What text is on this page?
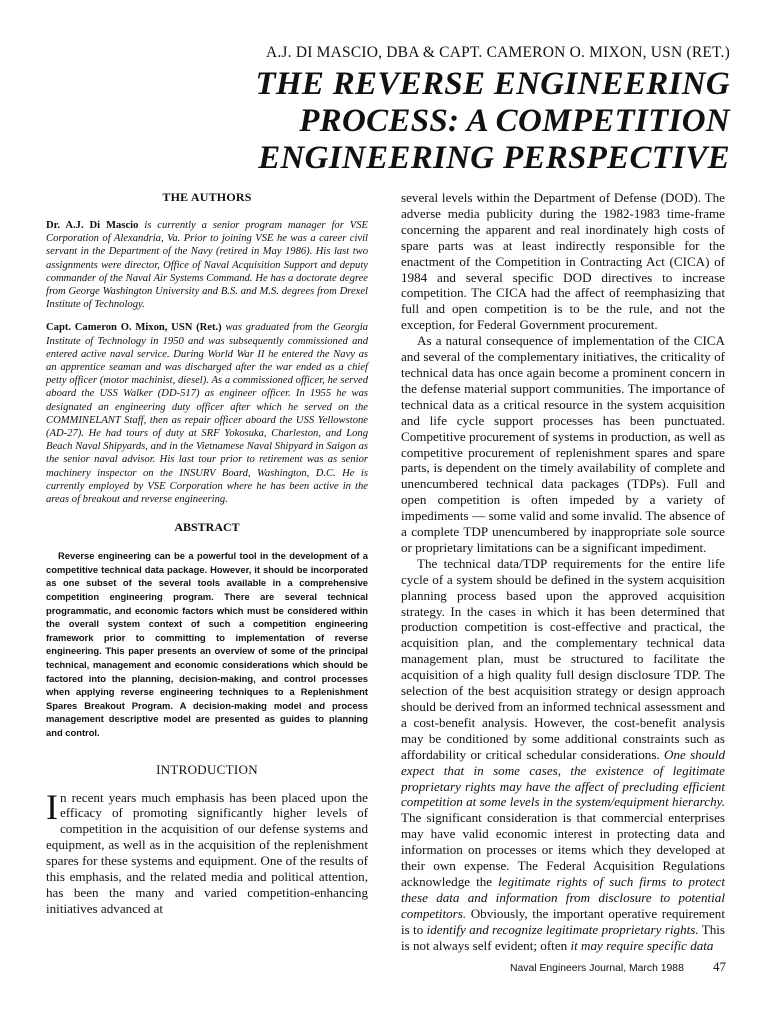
A.J. DI MASCIO, DBA & CAPT. CAMERON O. MIXON, USN (RET.)
THE REVERSE ENGINEERING
PROCESS: A COMPETITION
ENGINEERING PERSPECTIVE
THE AUTHORS

Dr. A.J. Di Mascio is currently a senior program manager for VSE Corporation of Alexandria, Va. Prior to joining VSE he was a career civil servant in the Department of the Navy (retired in May 1986). His last two assignments were director, Office of Naval Acquisition Support and deputy commander of the Naval Air Systems Command. He has a doctorate degree from George Washington University and B.S. and M.S. degrees from Drexel Institute of Technology.

Capt. Cameron O. Mixon, USN (Ret.) was graduated from the Georgia Institute of Technology in 1950 and was subsequently commissioned and entered active naval service. During World War II he entered the Navy as an apprentice seaman and was discharged after the war ended as a chief petty officer (motor machinist, diesel). As a commissioned officer, he served aboard the USS Walker (DD-517) as engineer officer. In 1955 he was designated an engineering duty officer after which he served on the COMMINELANT Staff, then as repair officer aboard the USS Yellowstone (AD-27). He had tours of duty at SRF Yokosuka, Charleston, and Long Beach Naval Shipyards, and in the Vietnamese Naval Shipyard in Saigon as the senior naval advisor. His last tour prior to retirement was as senior machinery inspector on the INSURV Board, Washington, D.C. He is currently employed by VSE Corporation where he has been active in the areas of breakout and reverse engineering.

ABSTRACT

Reverse engineering can be a powerful tool in the development of a competitive technical data package. However, it should be incorporated as one subset of the several tools available in a comprehensive competition engineering program. There are several technical programmatic, and economic factors which must be considered within the overall system context of such a competition engineering framework prior to committing to implementation of reverse engineering. This paper presents an overview of some of the principal technical, management and economic considerations which should be factored into the planning, decision-making, and control processes when applying reverse engineering techniques to a Replenishment Spares Breakout Program. A decision-making model and process management descriptive model are presented as guides to planning and control.

INTRODUCTION

In recent years much emphasis has been placed upon the efficacy of promoting significantly higher levels of competition in the acquisition of our defense systems and equipment, as well as in the acquisition of the replenishment spares for these systems and equipment. One of the results of this emphasis, and the related media and political attention, has been the many and varied competition-enhancing initiatives advanced at

several levels within the Department of Defense (DOD). The adverse media publicity during the 1982-1983 time-frame concerning the apparent and real inordinately high costs of spare parts was at least indirectly responsible for the enactment of the Competition in Contracting Act (CICA) of 1984 and several specific DOD directives to increase competition. The CICA had the affect of reemphasizing that full and open competition is to be the rule, and not the exception, for Federal Government procurement.

As a natural consequence of implementation of the CICA and several of the complementary initiatives, the criticality of technical data has once again become a prominent concern in the defense material support communities. The importance of technical data as a critical resource in the system acquisition and life cycle support processes has been punctuated. Competitive procurement of systems in production, as well as competitive procurement of replenishment spares and spare parts, is dependent on the timely availability of complete and unencumbered technical data packages (TDPs). Full and open competition is often impeded by a variety of impediments — some valid and some invalid. The absence of a complete TDP unencumbered by inappropriate sole source or proprietary limitations can be a significant impediment.

The technical data/TDP requirements for the entire life cycle of a system should be defined in the system acquisition planning process based upon the approved acquisition strategy. In the cases in which it has been determined that production competition is cost-effective and practical, the acquisition plan, and the complementary technical data management plan, must be structured to facilitate the acquisition of a high quality full design disclosure TDP. The selection of the best acquisition strategy or design approach should be derived from an informed technical assessment and a cost-benefit analysis. However, the cost-benefit analysis may be conditioned by some additional constraints such as affordability or critical schedular considerations. One should expect that in some cases, the existence of legitimate proprietary rights may have the affect of precluding efficient competition at some levels in the system/equipment hierarchy. The significant consideration is that commercial enterprises may have valid economic interest in protecting data and information on processes or items which they developed at their own expense. The Federal Acquisition Regulations acknowledge the legitimate rights of such firms to protect these data and information from disclosure to potential competitors. Obviously, the important operative requirement is to identify and recognize legitimate proprietary rights. This is not always self evident; often it may require specific data

Naval Engineers Journal, March 1988 47
